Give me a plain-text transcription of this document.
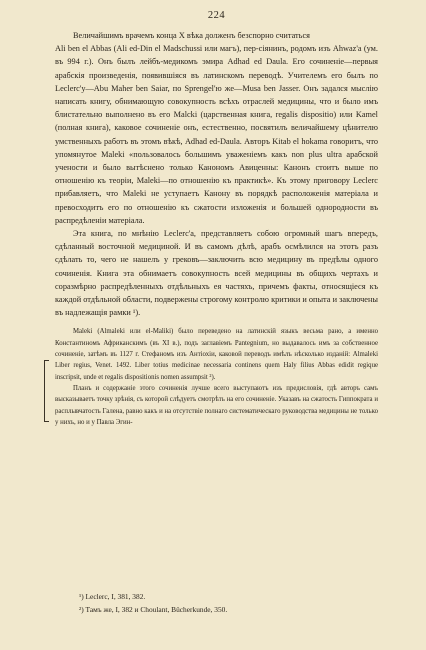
224

Величайшимъ врачемъ конца X вѣка долженъ безспорно считаться

Ali ben el Abbas (Ali ed-Din el Madschussi или магъ), пер-сіянинъ, родомъ изъ Ahwaz'а (ум. въ 994 г.). Онъ былъ лейбъ-медикомъ эмира Adhad ed Daula. Его сочиненіе—первыя арабскія произведенія, появившіяся въ латинскомъ переводѣ. Учителемъ его былъ по Leclerc'у—Abu Maher ben Saiar, по Sprengel'ю же—Musa ben Jasser. Онъ задался мыслію написать книгу, обнимающую совокупность всѣхъ отраслей медицины, что и было имъ блистательно выполнено въ его Malcki (царственная книга, regalis dispositio) или Kamel (полная книга), каковое сочиненіе онъ, естественно, посвятилъ величайшему цѣнителю умственныхъ работъ въ этомъ вѣкѣ, Adhad ed-Daula. Авторъ Kitab el hokama говоритъ, что упомянутое Maleki «пользовалось большимъ уваженіемъ какъ non plus ultra арабской учености и было вытѣснено только Канономъ Авиценны: Канонъ стоитъ выше по отношенію къ теоріи, Maleki—по отношенію къ практикѣ». Къ этому приговору Leclerc прибавляетъ, что Maleki не уступаетъ Канону въ порядкѣ расположенія матеріала и превосходитъ его по отношенію къ сжатости изложенія и большей однородности въ распредѣленіи матеріала.

Эта книга, по мнѣнію Leclerc'а, представляетъ собою огромный шагъ впередъ, сдѣланный восточной медициной. И въ самомъ дѣлѣ, арабъ осмѣлился на этотъ разъ сдѣлать то, чего не нашелъ у грековъ—заключить всю медицину въ предѣлы одного сочиненія. Книга эта обнимаетъ совокупность всей медицины въ общихъ чертахъ и соразмѣрно распредѣленныхъ отдѣльныхъ ея частяхъ, причемъ факты, относящіеся къ каждой отдѣльной области, подвержены строгому контролю критики и опыта и заключены въ надлежащія рамки ¹).

Maleki (Almaleki или el-Maliki) было переведено на латинскій языкъ весьма рано, а именно Константиномъ Африканскимъ (въ XI в.), подъ заглавіемъ Pantegnium, но выдавалось имъ за собственное сочиненіе, затѣмъ въ 1127 г. Стефаномъ изъ Антіохіи, каковой переводъ имѣлъ нѣсколько изданій: Almaleki Liber regius, Venet. 1492. Liber totius medicinae necessaria continens quem Haly filius Abbas edidit regique inscripsit, unde et regalis dispositionis nomen assumpsit ²).

Планъ и содержаніе этого сочиненія лучше всего выступаютъ изъ предисловія, гдѣ авторъ самъ высказываетъ точку зрѣнія, съ которой слѣдуетъ смотрѣть на его сочиненіе. Указавъ на сжатость Гиппократа и расплывчатость Галена, равно какъ и на отсутствіе полнаго систематическаго руководства медицины не только у нихъ, но и у Павла Эгин-

¹) Leclerc, I, 381, 382.

²) Тамъ же, I, 382 и Choulant, Bücherkunde, 350.
